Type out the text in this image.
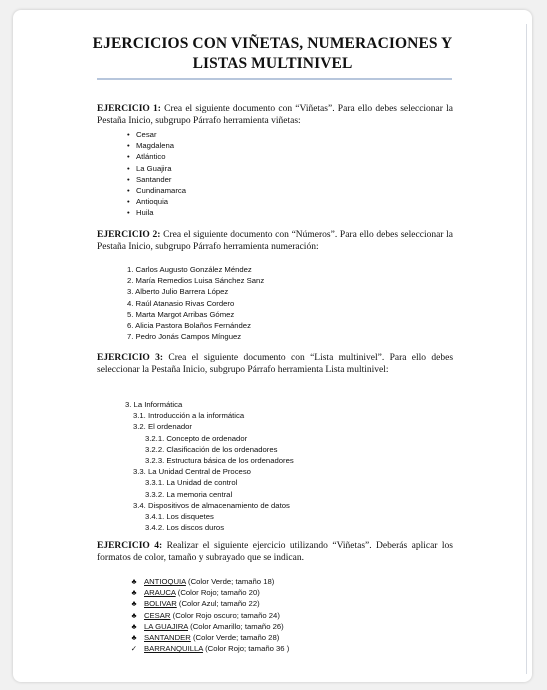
EJERCICIOS CON VIÑETAS, NUMERACIONES Y
LISTAS MULTINIVEL
EJERCICIO 1: Crea el siguiente documento con “Viñetas”. Para ello debes seleccionar la Pestaña Inicio, subgrupo Párrafo herramienta viñetas:
• Cesar
• Magdalena
• Atlántico
• La Guajira
• Santander
• Cundinamarca
• Antioquia
• Huila
EJERCICIO 2: Crea el siguiente documento con “Números”. Para ello debes seleccionar la Pestaña Inicio, subgrupo Párrafo herramienta numeración:
1. Carlos Augusto González Méndez
2. María Remedios Luisa Sánchez Sanz
3. Alberto Julio Barrera López
4. Raúl Atanasio Rivas Cordero
5. Marta Margot Arribas Gómez
6. Alicia Pastora Bolaños Fernández
7. Pedro Jonás Campos Mínguez
EJERCICIO 3: Crea el siguiente documento con “Lista multinivel”. Para ello debes seleccionar la Pestaña Inicio, subgrupo Párrafo herramienta Lista multinivel:
3. La Informática
3.1. Introducción a la informática
3.2. El ordenador
3.2.1. Concepto de ordenador
3.2.2. Clasificación de los ordenadores
3.2.3. Estructura básica de los ordenadores
3.3. La Unidad Central de Proceso
3.3.1. La Unidad de control
3.3.2. La memoria central
3.4. Dispositivos de almacenamiento de datos
3.4.1. Los disquetes
3.4.2. Los discos duros
EJERCICIO 4: Realizar el siguiente ejercicio utilizando “Viñetas”. Deberás aplicar los formatos de color, tamaño y subrayado que se indican.
♣ ANTIOQUIA (Color Verde; tamaño 18)
♣ ARAUCA (Color Rojo; tamaño 20)
♣ BOLIVAR (Color Azul; tamaño 22)
♣ CESAR (Color Rojo oscuro; tamaño 24)
♣ LA GUAJIRA (Color Amarillo; tamaño 26)
♣ SANTANDER (Color Verde; tamaño 28)
✓ BARRANQUILLA (Color Rojo; tamaño 36 )
